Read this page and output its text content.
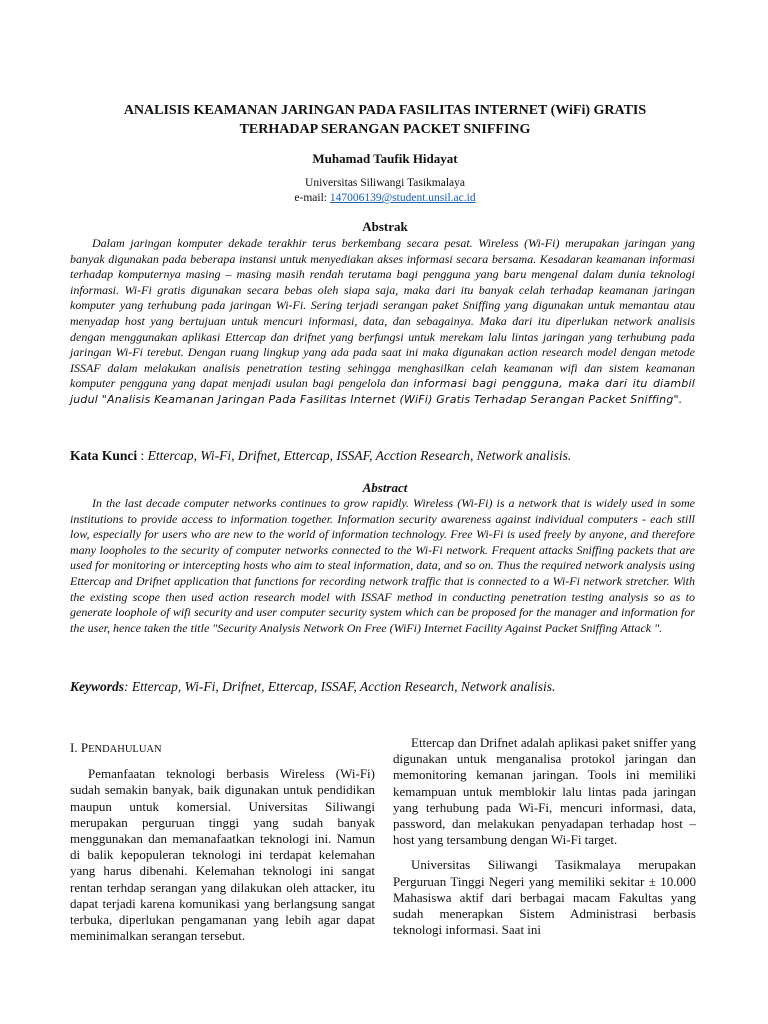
ANALISIS KEAMANAN JARINGAN PADA FASILITAS INTERNET (WiFi) GRATIS
TERHADAP SERANGAN PACKET SNIFFING
Muhamad Taufik Hidayat
Universitas Siliwangi Tasikmalaya
e-mail: 147006139@student.unsil.ac.id
Abstrak

Dalam jaringan komputer dekade terakhir terus berkembang secara pesat. Wireless (Wi-Fi) merupakan jaringan yang banyak digunakan pada beberapa instansi untuk menyediakan akses informasi secara bersama. Kesadaran keamanan informasi terhadap komputernya masing – masing masih rendah terutama bagi pengguna yang baru mengenal dalam dunia teknologi informasi. Wi-Fi gratis digunakan secara bebas oleh siapa saja, maka dari itu banyak celah terhadap keamanan jaringan komputer yang terhubung pada jaringan Wi-Fi. Sering terjadi serangan paket Sniffing yang digunakan untuk memantau atau menyadap host yang bertujuan untuk mencuri informasi, data, dan sebagainya. Maka dari itu diperlukan network analisis dengan menggunakan aplikasi Ettercap dan drifnet yang berfungsi untuk merekam lalu lintas jaringan yang terhubung pada jaringan Wi-Fi terebut. Dengan ruang lingkup yang ada pada saat ini maka digunakan action research model dengan metode ISSAF dalam melakukan analisis penetration testing sehingga menghasilkan celah keamanan wifi dan sistem keamanan komputer pengguna yang dapat menjadi usulan bagi pengelola dan informasi bagi pengguna, maka dari itu diambil judul "Analisis Keamanan Jaringan Pada Fasilitas Internet (WiFi) Gratis Terhadap Serangan Packet Sniffing".

Kata Kunci : Ettercap, Wi-Fi, Drifnet, Ettercap, ISSAF, Acction Research, Network analisis.
Abstract

In the last decade computer networks continues to grow rapidly. Wireless (Wi-Fi) is a network that is widely used in some institutions to provide access to information together. Information security awareness against individual computers - each still low, especially for users who are new to the world of information technology. Free Wi-Fi is used freely by anyone, and therefore many loopholes to the security of computer networks connected to the Wi-Fi network. Frequent attacks Sniffing packets that are used for monitoring or intercepting hosts who aim to steal information, data, and so on. Thus the required network analysis using Ettercap and Drifnet application that functions for recording network traffic that is connected to a Wi-Fi network stretcher. With the existing scope then used action research model with ISSAF method in conducting penetration testing analysis so as to generate loophole of wifi security and user computer security system which can be proposed for the manager and information for the user, hence taken the title "Security Analysis Network On Free (WiFi) Internet Facility Against Packet Sniffing Attack ".

Keywords: Ettercap, Wi-Fi, Drifnet, Ettercap, ISSAF, Acction Research, Network analisis.
I. PENDAHULUAN

Pemanfaatan teknologi berbasis Wireless (Wi-Fi) sudah semakin banyak, baik digunakan untuk pendidikan maupun untuk komersial. Universitas Siliwangi merupakan perguruan tinggi yang sudah banyak menggunakan dan memanafaatkan teknologi ini. Namun di balik kepopuleran teknologi ini terdapat kelemahan yang harus dibenahi. Kelemahan teknologi ini sangat rentan terhdap serangan yang dilakukan oleh attacker, itu dapat terjadi karena komunikasi yang berlangsung sangat terbuka, diperlukan pengamanan yang lebih agar dapat meminimalkan serangan tersebut.

Ettercap dan Drifnet adalah aplikasi paket sniffer yang digunakan untuk menganalisa protokol jaringan dan memonitoring kemanan jaringan. Tools ini memiliki kemampuan untuk memblokir lalu lintas pada jaringan yang terhubung pada Wi-Fi, mencuri informasi, data, password, dan melakukan penyadapan terhadap host – host yang tersambung dengan Wi-Fi target.

Universitas Siliwangi Tasikmalaya merupakan Perguruan Tinggi Negeri yang memiliki sekitar ± 10.000 Mahasiswa aktif dari berbagai macam Fakultas yang sudah menerapkan Sistem Administrasi berbasis teknologi informasi. Saat ini
